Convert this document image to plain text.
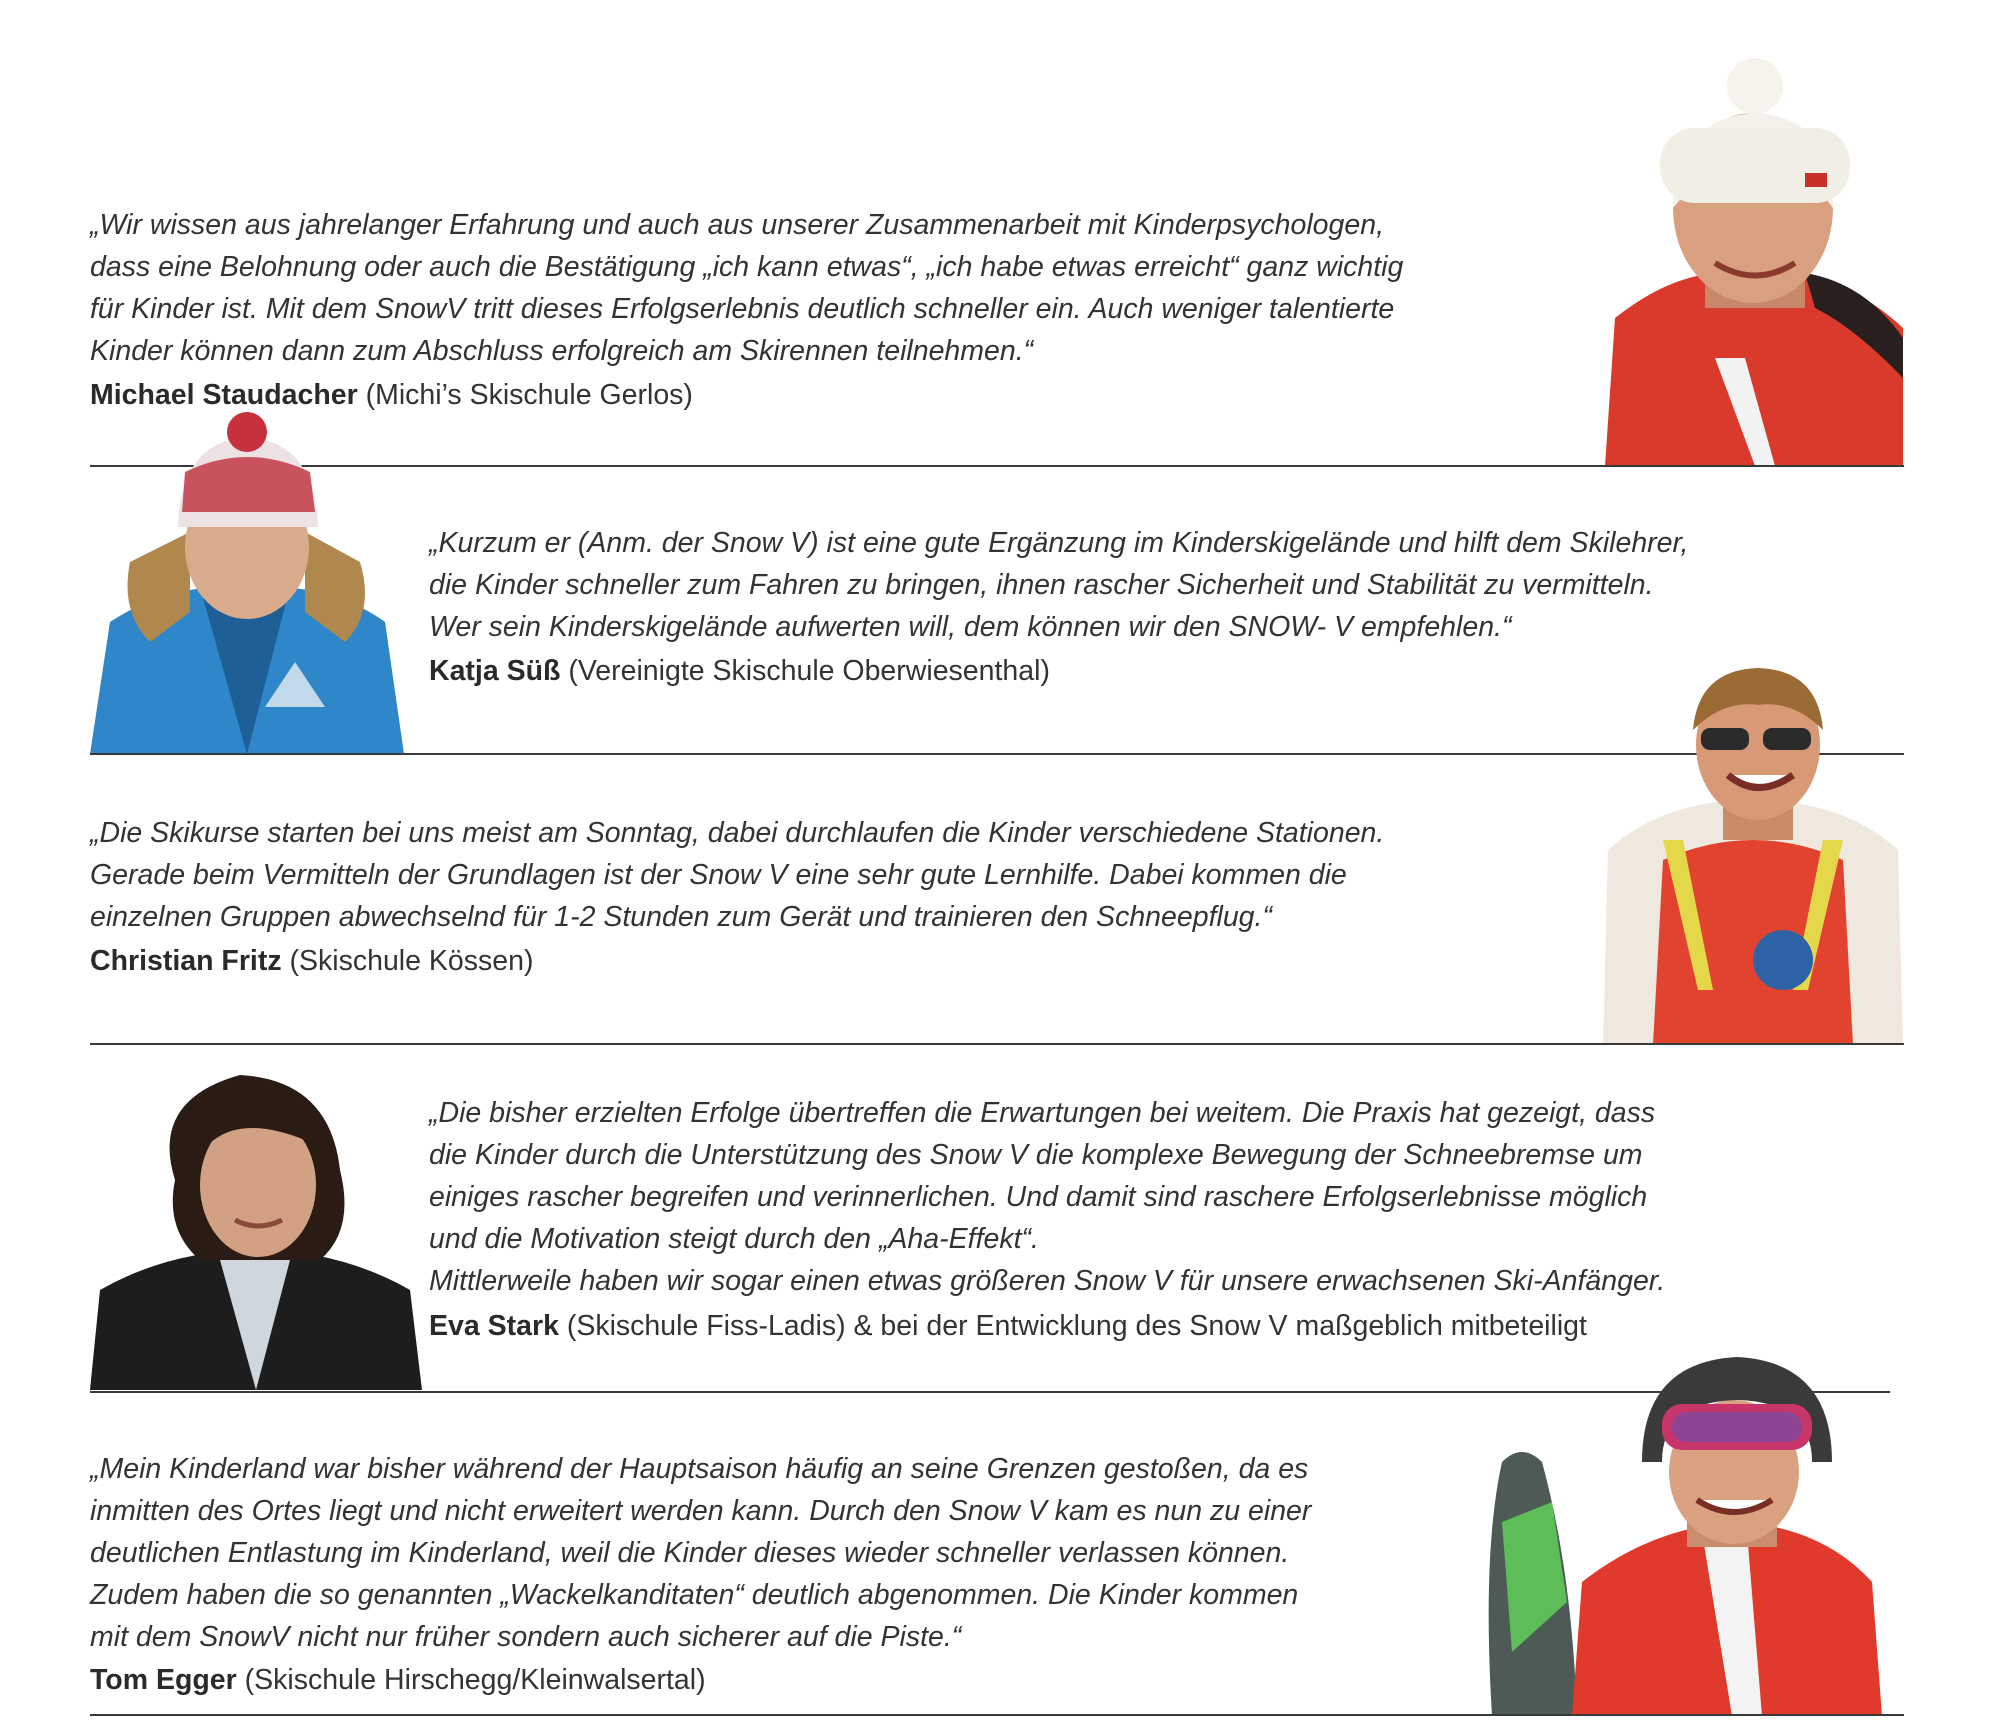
„Wir wissen aus jahrelanger Erfahrung und auch aus unserer Zusammenarbeit mit Kinderpsychologen,
dass eine Belohnung oder auch die Bestätigung „ich kann etwas“, „ich habe etwas erreicht“ ganz wichtig
für Kinder ist. Mit dem SnowV tritt dieses Erfolgserlebnis deutlich schneller ein. Auch weniger talentierte
Kinder können dann zum Abschluss erfolgreich am Skirennen teilnehmen.“
Michael Staudacher (Michi’s Skischule Gerlos)
„Kurzum er (Anm. der Snow V) ist eine gute Ergänzung im Kinderskigelände und hilft dem Skilehrer,
die Kinder schneller zum Fahren zu bringen, ihnen rascher Sicherheit und Stabilität zu vermitteln.
Wer sein Kinderskigelände aufwerten will, dem können wir den SNOW- V empfehlen.“
Katja Süß (Vereinigte Skischule Oberwiesenthal)
„Die Skikurse starten bei uns meist am Sonntag, dabei durchlaufen die Kinder verschiedene Stationen.
Gerade beim Vermitteln der Grundlagen ist der Snow V eine sehr gute Lernhilfe. Dabei kommen die
einzelnen Gruppen abwechselnd für 1-2 Stunden zum Gerät und trainieren den Schneepflug.“
Christian Fritz (Skischule Kössen)
„Die bisher erzielten Erfolge übertreffen die Erwartungen bei weitem. Die Praxis hat gezeigt, dass
die Kinder durch die Unterstützung des Snow V die komplexe Bewegung der Schneebremse um
einiges rascher begreifen und verinnerlichen. Und damit sind raschere Erfolgserlebnisse möglich
und die Motivation steigt durch den „Aha-Effekt“.
Mittlerweile haben wir sogar einen etwas größeren Snow V für unsere erwachsenen Ski-Anfänger.
Eva Stark (Skischule Fiss-Ladis) & bei der Entwicklung des Snow V maßgeblich mitbeteiligt
„Mein Kinderland war bisher während der Hauptsaison häufig an seine Grenzen gestoßen, da es
inmitten des Ortes liegt und nicht erweitert werden kann. Durch den Snow V kam es nun zu einer
deutlichen Entlastung im Kinderland, weil die Kinder dieses wieder schneller verlassen können.
Zudem haben die so genannten „Wackelkanditaten“ deutlich abgenommen. Die Kinder kommen
mit dem SnowV nicht nur früher sondern auch sicherer auf die Piste.“
Tom Egger (Skischule Hirschegg/Kleinwalsertal)
